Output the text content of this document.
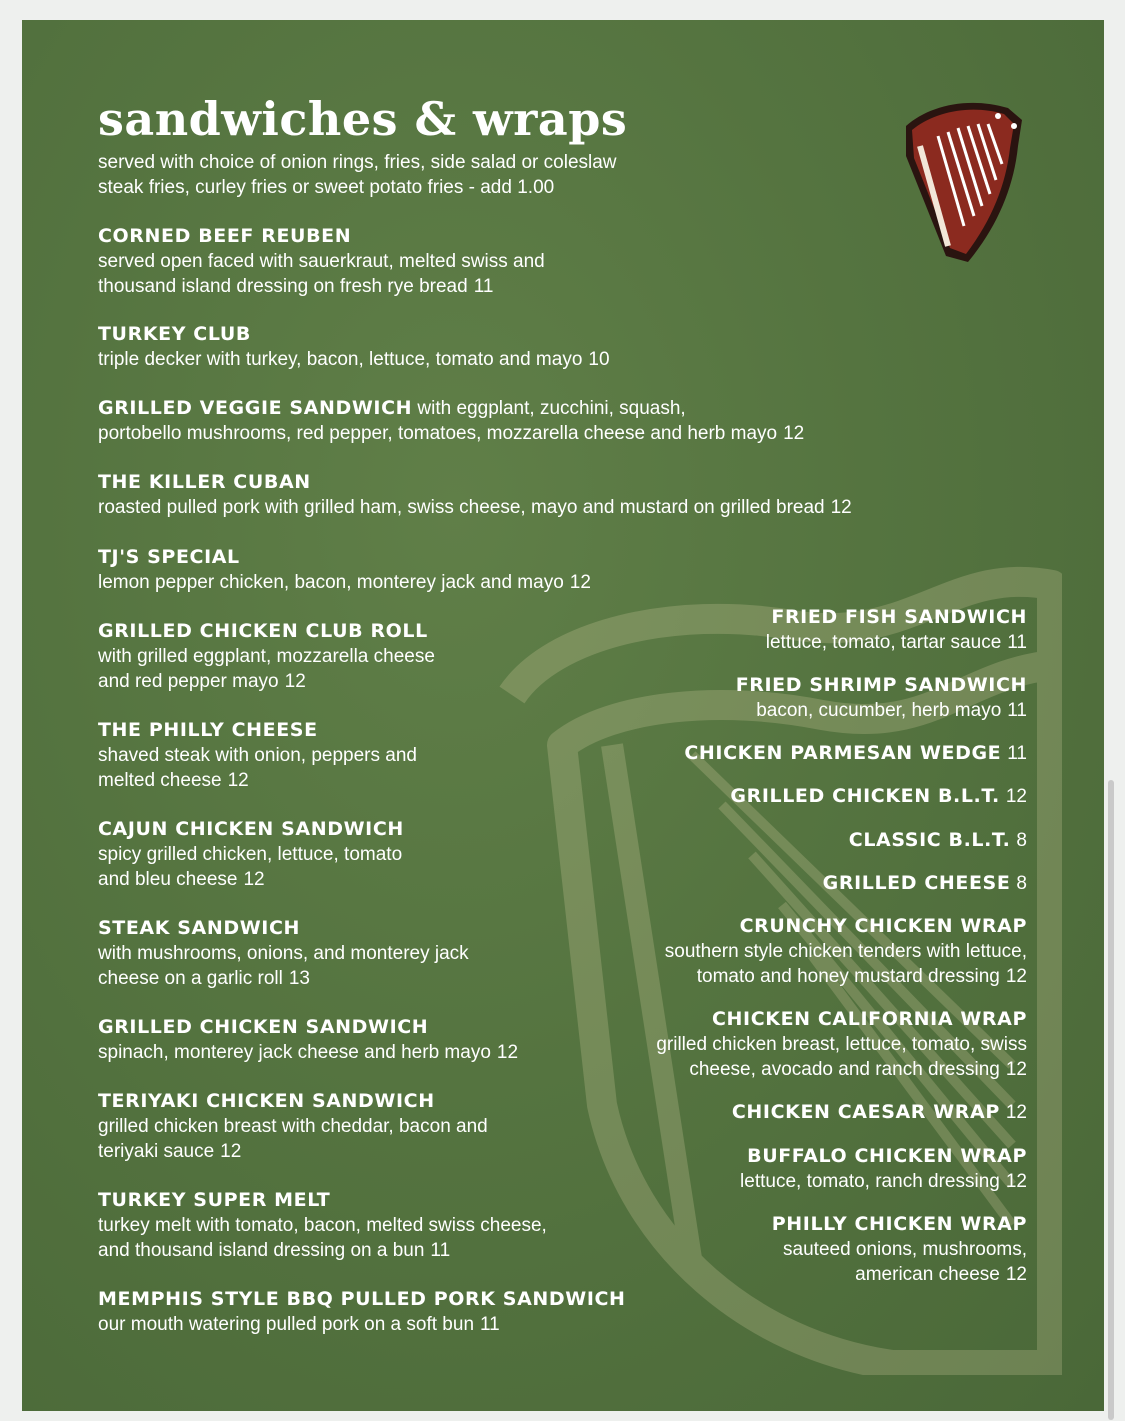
sandwiches & wraps
served with choice of onion rings, fries, side salad or coleslaw
steak fries, curley fries or sweet potato fries - add 1.00
CORNED BEEF REUBEN
served open faced with sauerkraut, melted swiss and
thousand island dressing on fresh rye bread 11
TURKEY CLUB
triple decker with turkey, bacon, lettuce, tomato and mayo 10
GRILLED VEGGIE SANDWICH with eggplant, zucchini, squash,
portobello mushrooms, red pepper, tomatoes, mozzarella cheese and herb mayo 12
THE KILLER CUBAN
roasted pulled pork with grilled ham, swiss cheese, mayo and mustard on grilled bread 12
TJ'S SPECIAL
lemon pepper chicken, bacon, monterey jack and mayo 12
GRILLED CHICKEN CLUB ROLL
with grilled eggplant, mozzarella cheese
and red pepper mayo 12
THE PHILLY CHEESE
shaved steak with onion, peppers and
melted cheese 12
CAJUN CHICKEN SANDWICH
spicy grilled chicken, lettuce, tomato
and bleu cheese 12
STEAK SANDWICH
with mushrooms, onions, and monterey jack
cheese on a garlic roll 13
GRILLED CHICKEN SANDWICH
spinach, monterey jack cheese and herb mayo 12
TERIYAKI CHICKEN SANDWICH
grilled chicken breast with cheddar, bacon and
teriyaki sauce 12
TURKEY SUPER MELT
turkey melt with tomato, bacon, melted swiss cheese,
and thousand island dressing on a bun 11
MEMPHIS STYLE BBQ PULLED PORK SANDWICH
our mouth watering pulled pork on a soft bun 11
FRIED FISH SANDWICH
lettuce, tomato, tartar sauce 11
FRIED SHRIMP SANDWICH
bacon, cucumber, herb mayo 11
CHICKEN PARMESAN WEDGE 11
GRILLED CHICKEN B.L.T. 12
CLASSIC B.L.T. 8
GRILLED CHEESE 8
CRUNCHY CHICKEN WRAP
southern style chicken tenders with lettuce,
tomato and honey mustard dressing 12
CHICKEN CALIFORNIA WRAP
grilled chicken breast, lettuce, tomato, swiss
cheese, avocado and ranch dressing 12
CHICKEN CAESAR WRAP 12
BUFFALO CHICKEN WRAP
lettuce, tomato, ranch dressing 12
PHILLY CHICKEN WRAP
sauteed onions, mushrooms,
american cheese 12
